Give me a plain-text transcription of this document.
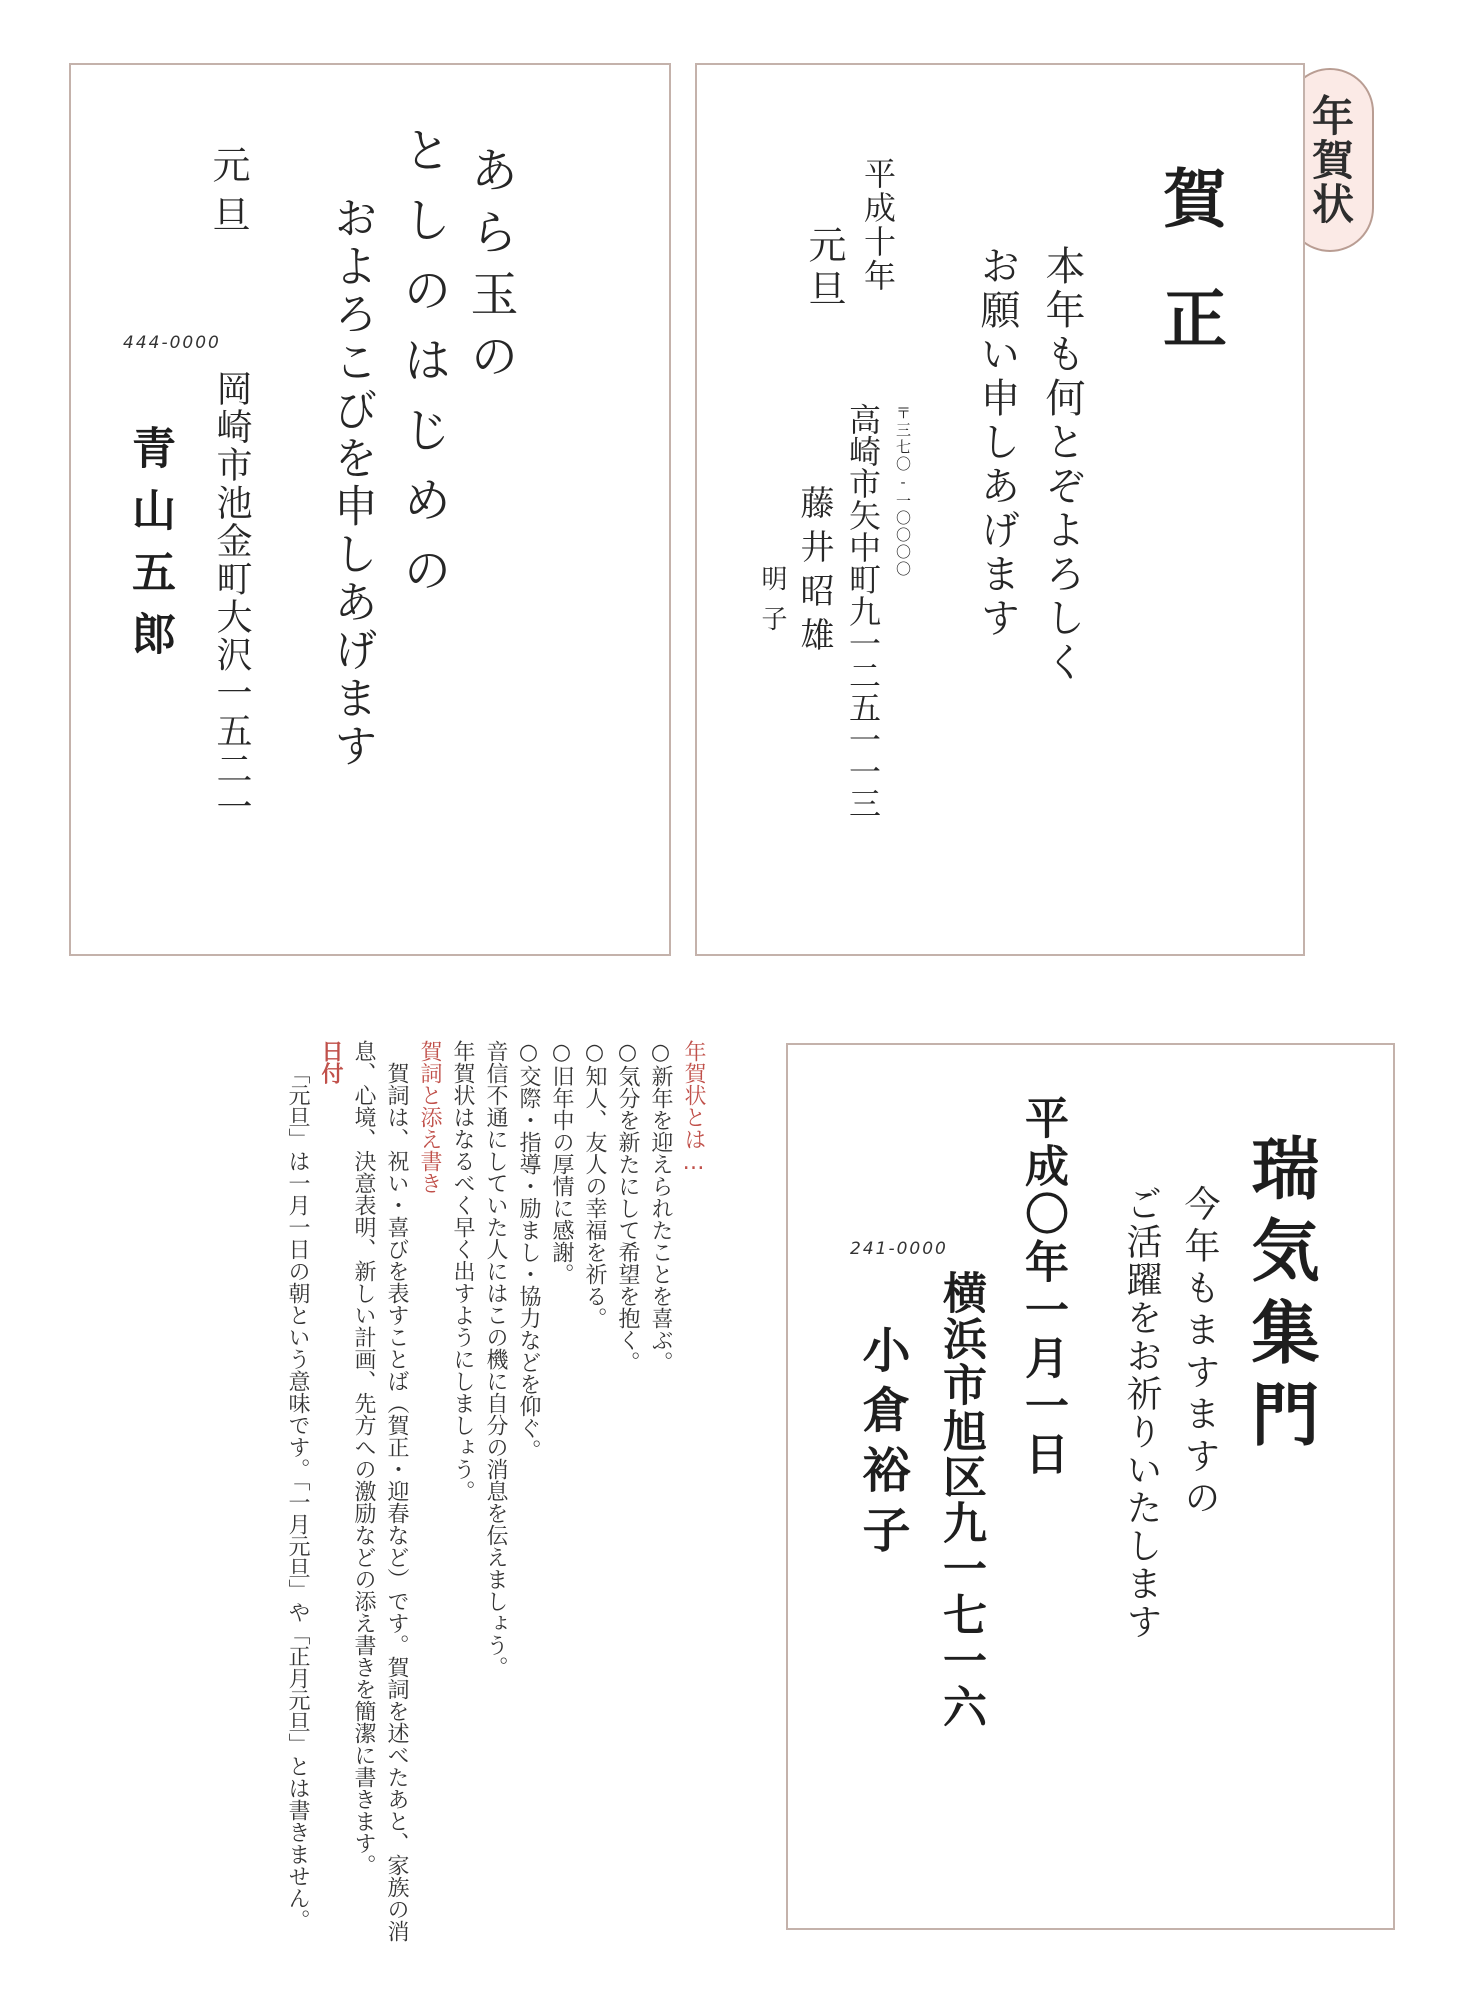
年賀状
あら玉の
としのはじめの
およろこびを申しあげます
元旦
444-0000
岡崎市池金町大沢一五二一
青山五郎
賀正
本年も何とぞよろしく
お願い申しあげます
平成十年
元旦
〒三七〇-一〇〇〇〇
高崎市矢中町九一二五一一三
藤井昭雄
明子
瑞気集門
今年もますますの
ご活躍をお祈りいたします
平成〇年一月一日
241-0000
横浜市旭区九一七一六
小倉裕子

年賀状とは…

○新年を迎えられたことを喜ぶ。

○気分を新たにして希望を抱く。

○知人、友人の幸福を祈る。

○旧年中の厚情に感謝。

○交際・指導・励まし・協力などを仰ぐ。

音信不通にしていた人にはこの機に自分の消息を伝えましょう。

年賀状はなるべく早く出すようにしましょう。

賀詞と添え書き

賀詞は、祝い・喜びを表すことば（賀正・迎春など）です。賀詞を述べたあと、家族の消息、心境、決意表明、新しい計画、先方への激励などの添え書きを簡潔に書きます。

日付

「元旦」は一月一日の朝という意味です。「一月元旦」や「正月元旦」とは書きません。
